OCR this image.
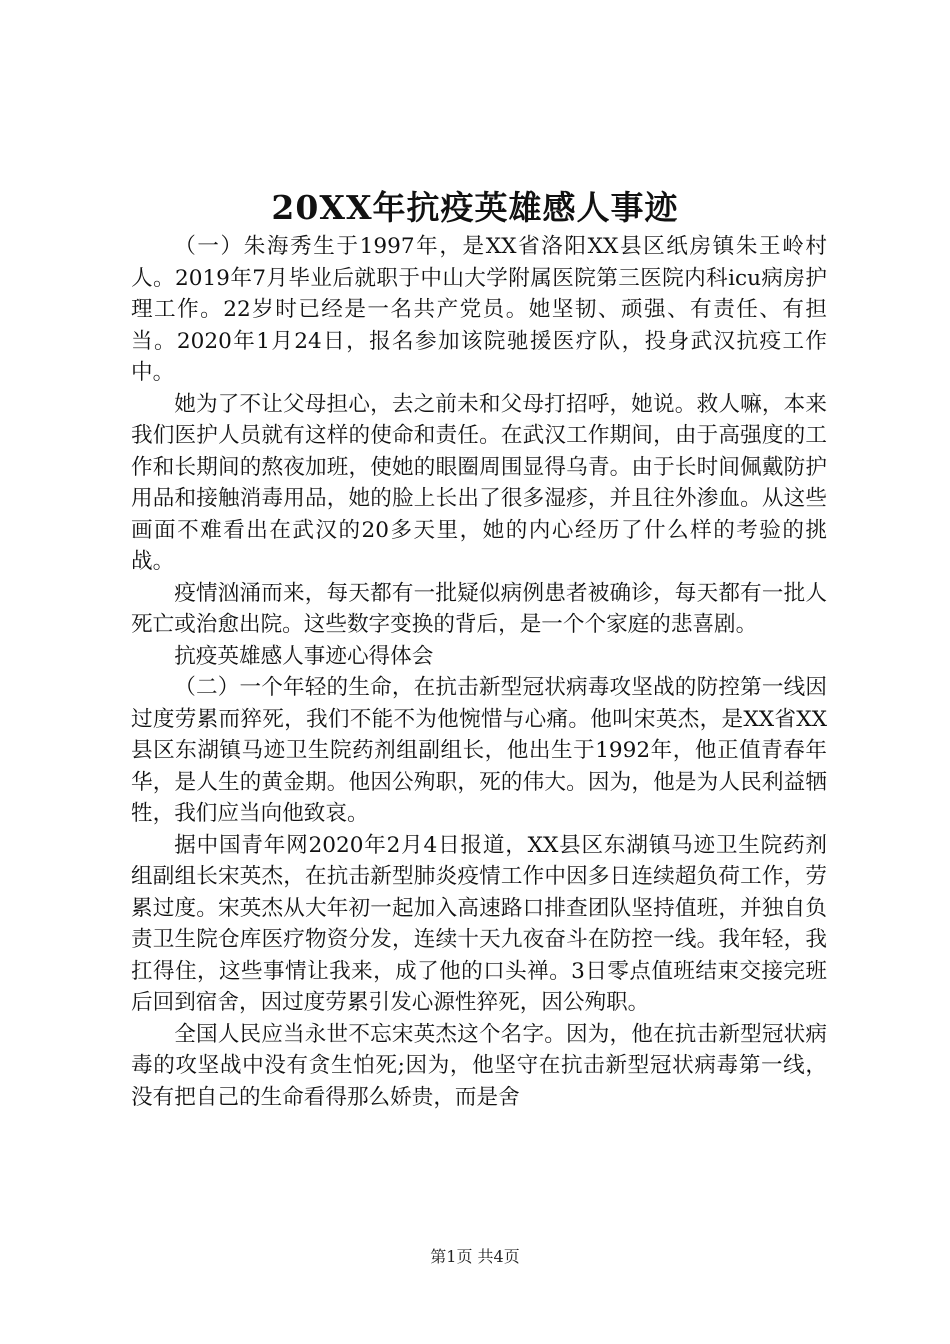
20XX年抗疫英雄感人事迹

（一）朱海秀生于1997年，是XX省洛阳XX县区纸房镇朱王岭村人。2019年7月毕业后就职于中山大学附属医院第三医院内科icu病房护理工作。22岁时已经是一名共产党员。她坚韧、顽强、有责任、有担当。2020年1月24日，报名参加该院驰援医疗队，投身武汉抗疫工作中。

她为了不让父母担心，去之前未和父母打招呼，她说。救人嘛，本来我们医护人员就有这样的使命和责任。在武汉工作期间，由于高强度的工作和长期间的熬夜加班，使她的眼圈周围显得乌青。由于长时间佩戴防护用品和接触消毒用品，她的脸上长出了很多湿疹，并且往外渗血。从这些画面不难看出在武汉的20多天里，她的内心经历了什么样的考验的挑战。

疫情汹涌而来，每天都有一批疑似病例患者被确诊，每天都有一批人死亡或治愈出院。这些数字变换的背后，是一个个家庭的悲喜剧。

抗疫英雄感人事迹心得体会

（二）一个年轻的生命，在抗击新型冠状病毒攻坚战的防控第一线因过度劳累而猝死，我们不能不为他惋惜与心痛。他叫宋英杰，是XX省XX县区东湖镇马迹卫生院药剂组副组长，他出生于1992年，他正值青春年华，是人生的黄金期。他因公殉职，死的伟大。因为，他是为人民利益牺牲，我们应当向他致哀。

据中国青年网2020年2月4日报道，XX县区东湖镇马迹卫生院药剂组副组长宋英杰，在抗击新型肺炎疫情工作中因多日连续超负荷工作，劳累过度。宋英杰从大年初一起加入高速路口排查团队坚持值班，并独自负责卫生院仓库医疗物资分发，连续十天九夜奋斗在防控一线。我年轻，我扛得住，这些事情让我来，成了他的口头禅。3日零点值班结束交接完班后回到宿舍，因过度劳累引发心源性猝死，因公殉职。

全国人民应当永世不忘宋英杰这个名字。因为，他在抗击新型冠状病毒的攻坚战中没有贪生怕死;因为，他坚守在抗击新型冠状病毒第一线，没有把自己的生命看得那么娇贵，而是舍

第1页 共4页
